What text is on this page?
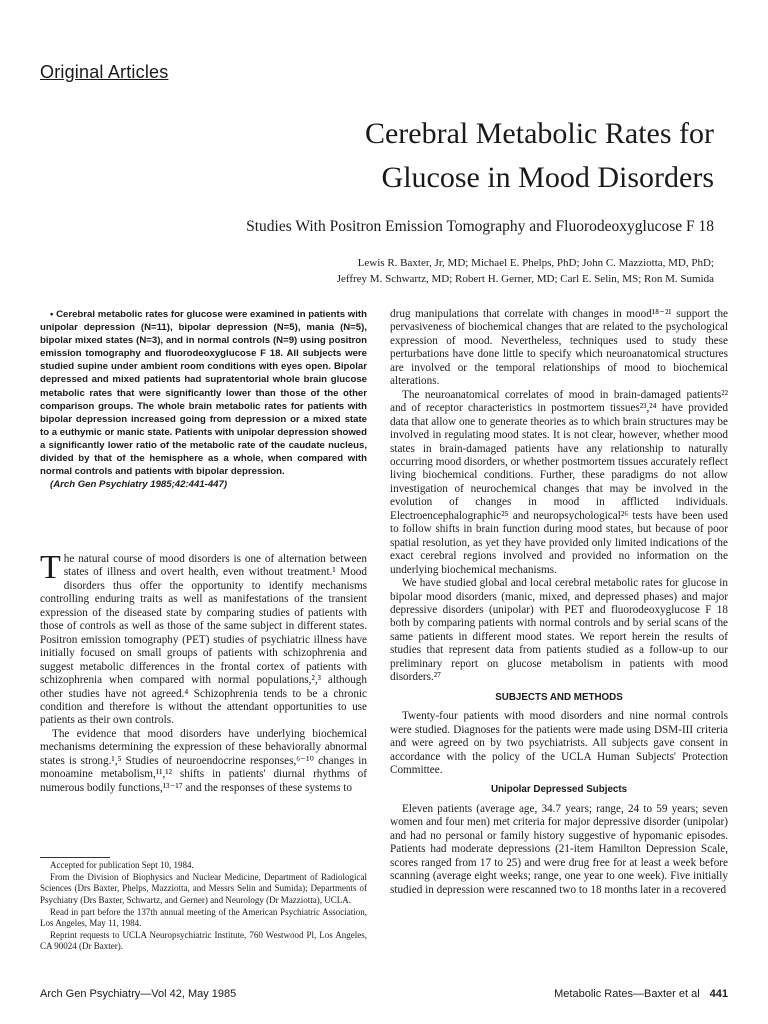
Original Articles
Cerebral Metabolic Rates for
Glucose in Mood Disorders
Studies With Positron Emission Tomography and Fluorodeoxyglucose F 18
Lewis R. Baxter, Jr, MD; Michael E. Phelps, PhD; John C. Mazziotta, MD, PhD;
Jeffrey M. Schwartz, MD; Robert H. Gerner, MD; Carl E. Selin, MS; Ron M. Sumida

• Cerebral metabolic rates for glucose were examined in patients with unipolar depression (N=11), bipolar depression (N=5), mania (N=5), bipolar mixed states (N=3), and in normal controls (N=9) using positron emission tomography and fluorodeoxyglucose F 18. All subjects were studied supine under ambient room conditions with eyes open. Bipolar depressed and mixed patients had supratentorial whole brain glucose metabolic rates that were significantly lower than those of the other comparison groups. The whole brain metabolic rates for patients with bipolar depression increased going from depression or a mixed state to a euthymic or manic state. Patients with unipolar depression showed a significantly lower ratio of the metabolic rate of the caudate nucleus, divided by that of the hemisphere as a whole, when compared with normal controls and patients with bipolar depression.

(Arch Gen Psychiatry 1985;42:441-447)

The natural course of mood disorders is one of alternation between states of illness and overt health, even without treatment.¹ Mood disorders thus offer the opportunity to identify mechanisms controlling enduring traits as well as manifestations of the transient expression of the diseased state by comparing studies of patients with those of controls as well as those of the same subject in different states. Positron emission tomography (PET) studies of psychiatric illness have initially focused on small groups of patients with schizophrenia and suggest metabolic differences in the frontal cortex of patients with schizophrenia when compared with normal populations,²,³ although other studies have not agreed.⁴ Schizophrenia tends to be a chronic condition and therefore is without the attendant opportunities to use patients as their own controls.

The evidence that mood disorders have underlying biochemical mechanisms determining the expression of these behaviorally abnormal states is strong.¹,⁵ Studies of neuroendocrine responses,⁶⁻¹⁰ changes in monoamine metabolism,¹¹,¹² shifts in patients' diurnal rhythms of numerous bodily functions,¹³⁻¹⁷ and the responses of these systems to

Accepted for publication Sept 10, 1984.

From the Division of Biophysics and Nuclear Medicine, Department of Radiological Sciences (Drs Baxter, Phelps, Mazziotta, and Messrs Selin and Sumida); Departments of Psychiatry (Drs Baxter, Schwartz, and Gerner) and Neurology (Dr Mazziotta), UCLA.

Read in part before the 137th annual meeting of the American Psychiatric Association, Los Angeles, May 11, 1984.

Reprint requests to UCLA Neuropsychiatric Institute, 760 Westwood Pl, Los Angeles, CA 90024 (Dr Baxter).

drug manipulations that correlate with changes in mood¹⁸⁻²¹ support the pervasiveness of biochemical changes that are related to the psychological expression of mood. Nevertheless, techniques used to study these perturbations have done little to specify which neuroanatomical structures are involved or the temporal relationships of mood to biochemical alterations.

The neuroanatomical correlates of mood in brain-damaged patients²² and of receptor characteristics in postmortem tissues²³,²⁴ have provided data that allow one to generate theories as to which brain structures may be involved in regulating mood states. It is not clear, however, whether mood states in brain-damaged patients have any relationship to naturally occurring mood disorders, or whether postmortem tissues accurately reflect living biochemical conditions. Further, these paradigms do not allow investigation of neurochemical changes that may be involved in the evolution of changes in mood in afflicted individuals. Electroencephalographic²⁵ and neuropsychological²⁶ tests have been used to follow shifts in brain function during mood states, but because of poor spatial resolution, as yet they have provided only limited indications of the exact cerebral regions involved and provided no information on the underlying biochemical mechanisms.

We have studied global and local cerebral metabolic rates for glucose in bipolar mood disorders (manic, mixed, and depressed phases) and major depressive disorders (unipolar) with PET and fluorodeoxyglucose F 18 both by comparing patients with normal controls and by serial scans of the same patients in different mood states. We report herein the results of studies that represent data from patients studied as a follow-up to our preliminary report on glucose metabolism in patients with mood disorders.²⁷

SUBJECTS AND METHODS

Twenty-four patients with mood disorders and nine normal controls were studied. Diagnoses for the patients were made using DSM-III criteria and were agreed on by two psychiatrists. All subjects gave consent in accordance with the policy of the UCLA Human Subjects' Protection Committee.

Unipolar Depressed Subjects

Eleven patients (average age, 34.7 years; range, 24 to 59 years; seven women and four men) met criteria for major depressive disorder (unipolar) and had no personal or family history suggestive of hypomanic episodes. Patients had moderate depressions (21-item Hamilton Depression Scale, scores ranged from 17 to 25) and were drug free for at least a week before scanning (average eight weeks; range, one year to one week). Five initially studied in depression were rescanned two to 18 months later in a recovered

Arch Gen Psychiatry—Vol 42, May 1985	Metabolic Rates—Baxter et al 441
